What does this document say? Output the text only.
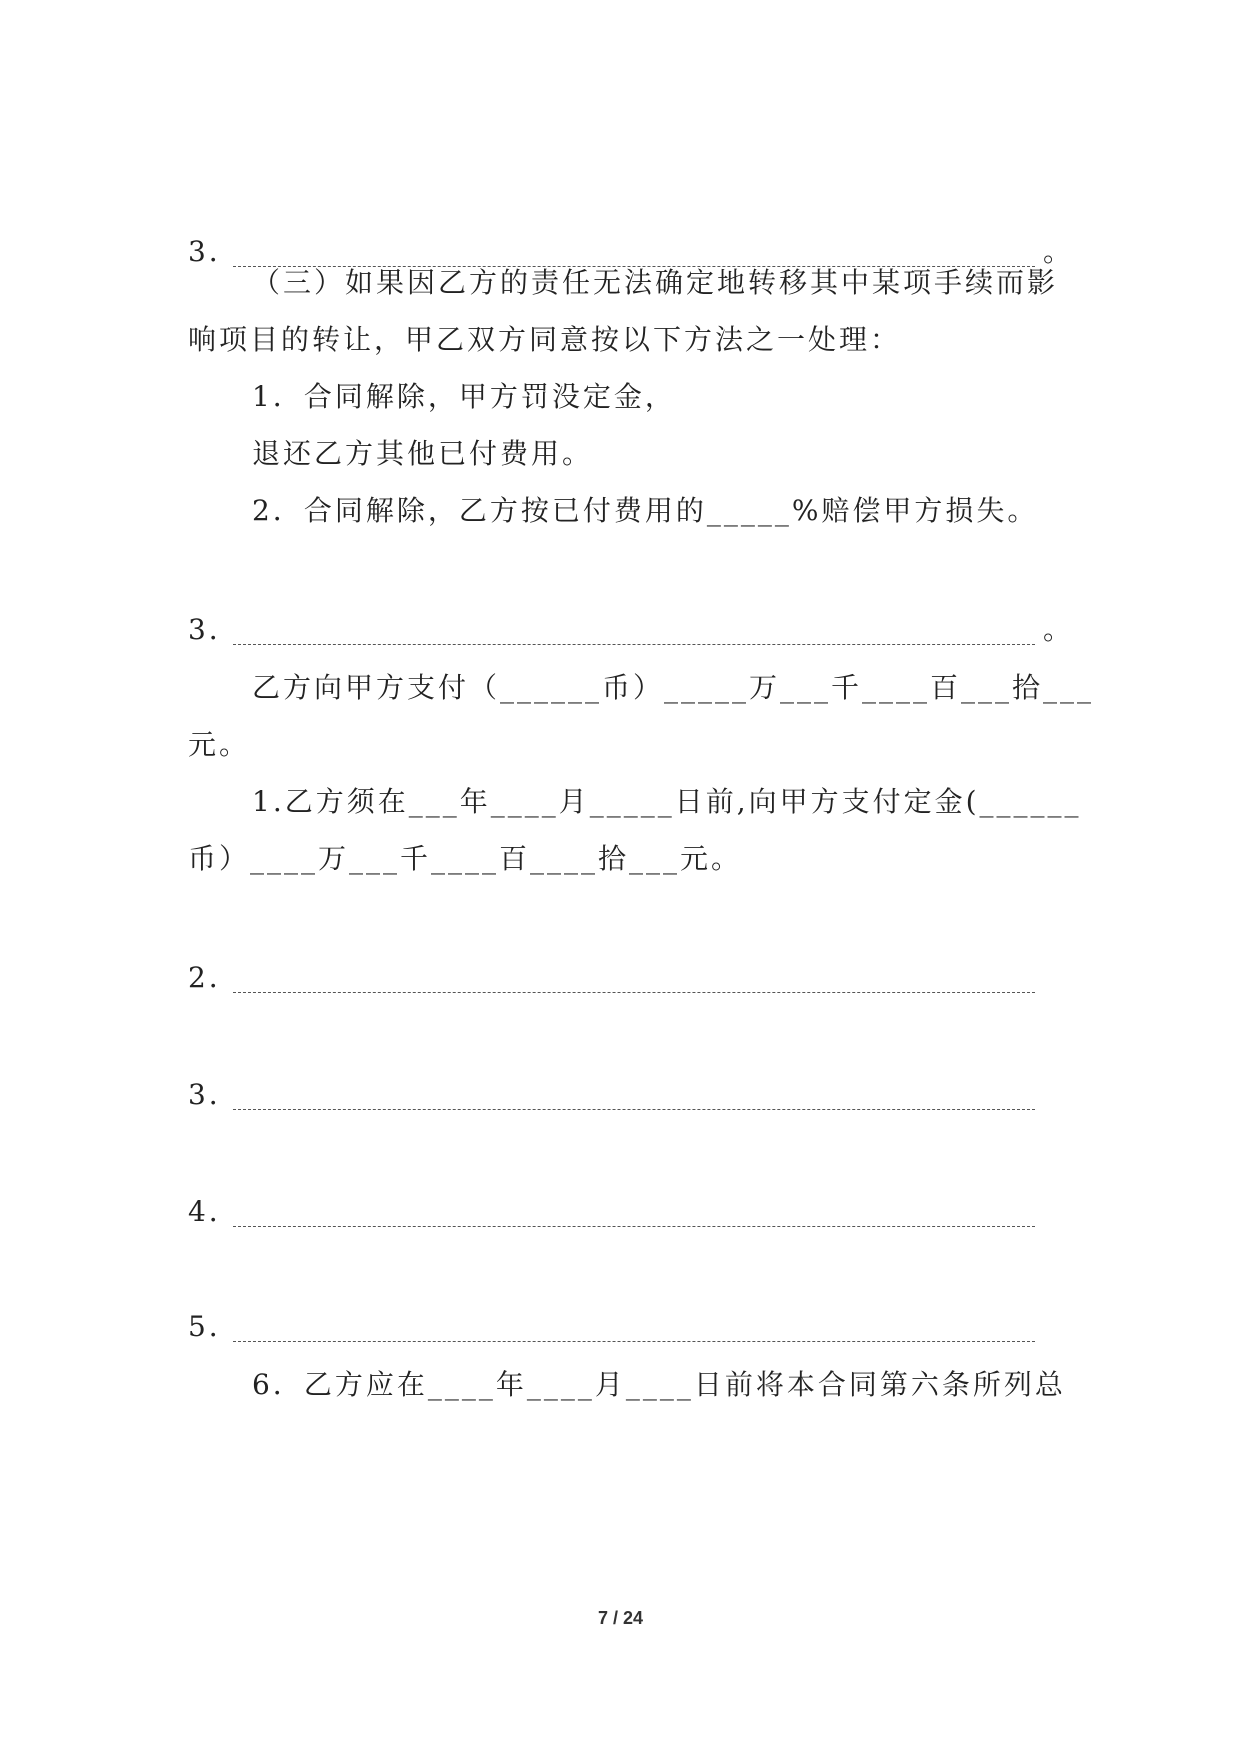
3．	。
（三）如果因乙方的责任无法确定地转移其中某项手续而影
响项目的转让，甲乙双方同意按以下方法之一处理：
1．合同解除，甲方罚没定金，
退还乙方其他已付费用。
2．合同解除，乙方按已付费用的_____%赔偿甲方损失。
3．	。
乙方向甲方支付（______币）_____万___千____百___拾___
元。
1.乙方须在___年____月_____日前,向甲方支付定金(______
币）____万___千____百____拾___元。
2．
3．
4．
5．
6．乙方应在____年____月____日前将本合同第六条所列总
7 / 24
